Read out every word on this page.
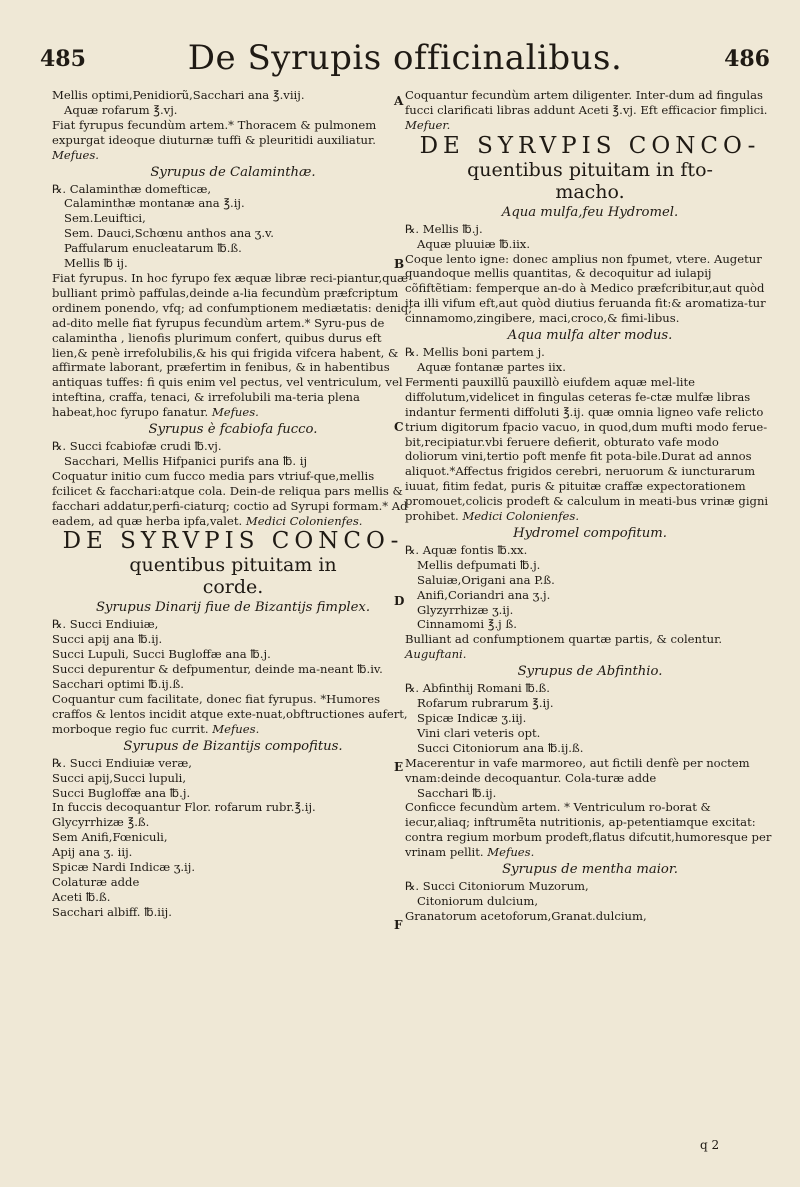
485	De Syrupis officinalibus.	486
A
B
C
D
E
F

Mellis optimi,Penidiorũ,Sacchari ana ℥.viij.

Aquæ rofarum ℥.vj.

Fiat fyrupus fecundùm artem.* Thoracem & pulmonem expurgat ideoque diuturnæ tuffi & pleuritidi auxiliatur. Mefues.

Syrupus de Calaminthæ.

℞. Calaminthæ domefticæ,

Calaminthæ montanæ ana ℥.ij.

Sem.Leuiftici,

Sem. Dauci,Schœnu anthos ana ʒ.v.

Paffularum enucleatarum ℔.ß.

Mellis ℔ ij.

Fiat fyrupus. In hoc fyrupo fex æquæ libræ reci-piantur,quæ bulliant primò paffulas,deinde a-lia fecundùm præfcriptum ordinem ponendo, vfq; ad confumptionem mediætatis: deniq; ad-dito melle fiat fyrupus fecundùm artem.* Syru-pus de calamintha , lienofis plurimum confert, quibus durus eft lien,& penè irrefolubilis,& his qui frigida vifcera habent, & affirmate laborant, præfertim in fenibus, & in habentibus antiquas tuffes: fi quis enim vel pectus, vel ventriculum, vel inteftina, craffa, tenaci, & irrefolubili ma-teria plena habeat,hoc fyrupo fanatur. Mefues.

Syrupus è fcabiofa fucco.

℞. Succi fcabiofæ crudi ℔.vj.

Sacchari, Mellis Hifpanici purifs ana ℔. ij

Coquatur initio cum fucco media pars vtriuf-que,mellis fcilicet & facchari:atque cola. Dein-de reliqua pars mellis & facchari addatur,perfi-ciaturq; coctio ad Syrupi formam.* Ad eadem, ad quæ herba ipfa,valet. Medici Colonienfes.

DE SYRVPIS CONCO-

quentibus pituitam in

corde.

Syrupus Dinarij fiue de Bizantijs fimplex.

℞. Succi Endiuiæ,

Succi apij ana ℔.ij.

Succi Lupuli, Succi Bugloffæ ana ℔.j.

Succi depurentur & defpumentur, deinde ma-neant ℔.iv.

Sacchari optimi ℔.ij.ß.

Coquantur cum facilitate, donec fiat fyrupus. *Humores craffos & lentos incidit atque exte-nuat,obftructiones aufert, morboque regio fuc currit. Mefues.

Syrupus de Bizantijs compofitus.

℞. Succi Endiuiæ veræ,

Succi apij,Succi lupuli,

Succi Bugloffæ ana ℔.j.

In fuccis decoquantur Flor. rofarum rubr.℥.ij.

Glycyrrhizæ ℥.ß.

Sem Anifi,Fœniculi,

Apij ana ʒ. iij.

Spicæ Nardi Indicæ ʒ.ij.

Colaturæ adde

Aceti ℔.ß.

Sacchari albiff. ℔.iij.

Coquantur fecundùm artem diligenter. Inter-dum ad fingulas fucci clarificati libras addunt Aceti ℥.vj. Eft efficacior fimplici. Mefuer.

DE SYRVPIS CONCO-

quentibus pituitam in fto-

macho.

Aqua mulfa,feu Hydromel.

℞. Mellis ℔.j.

Aquæ pluuiæ ℔.iix.

Coque lento igne: donec amplius non fpumet, vtere. Augetur quandoque mellis quantitas, & decoquitur ad iulapij cõfiftẽtiam: femperque an-do à Medico præfcribitur,aut quòd ita illi vifum eft,aut quòd diutius feruanda fit:& aromatiza-tur cinnamomo,zingibere, maci,croco,& fimi-libus.

Aqua mulfa alter modus.

℞. Mellis boni partem j.

Aquæ fontanæ partes iix.

Fermenti pauxillũ pauxillò eiufdem aquæ mel-lite diffolutum,videlicet in fingulas ceteras fe-ctæ mulfæ libras indantur fermenti diffoluti ℥.ij. quæ omnia ligneo vafe relicto trium digitorum fpacio vacuo, in quod,dum mufti modo ferue-bit,recipiatur.vbi feruere defierit, obturato vafe modo doliorum vini,tertio poft menfe fit pota-bile.Durat ad annos aliquot.*Affectus frigidos cerebri, neruorum & iuncturarum iuuat, fitim fedat, puris & pituitæ craffæ expectorationem promouet,colicis prodeft & calculum in meati-bus vrinæ gigni prohibet. Medici Colonienfes.

Hydromel compofitum.

℞. Aquæ fontis ℔.xx.

Mellis defpumati ℔.j.

Saluiæ,Origani ana P.ß.

Anifi,Coriandri ana ʒ.j.

Glyzyrrhizæ ʒ.ij.

Cinnamomi ℥.j ß.

Bulliant ad confumptionem quartæ partis, & colentur. Auguftani.

Syrupus de Abfinthio.

℞. Abfinthij Romani ℔.ß.

Rofarum rubrarum ℥.ij.

Spicæ Indicæ ʒ.iij.

Vini clari veteris opt.

Succi Citoniorum ana ℔.ij.ß.

Macerentur in vafe marmoreo, aut fictili denfè per noctem vnam:deinde decoquantur. Cola-turæ adde

Sacchari ℔.ij.

Conficce fecundùm artem. * Ventriculum ro-borat & iecur,aliaq; inftrumẽta nutritionis, ap-petentiamque excitat: contra regium morbum prodeft,flatus difcutit,humoresque per vrinam pellit. Mefues.

Syrupus de mentha maior.

℞. Succi Citoniorum Muzorum,

Citoniorum dulcium,

Granatorum acetoforum,Granat.dulcium,

q 2
